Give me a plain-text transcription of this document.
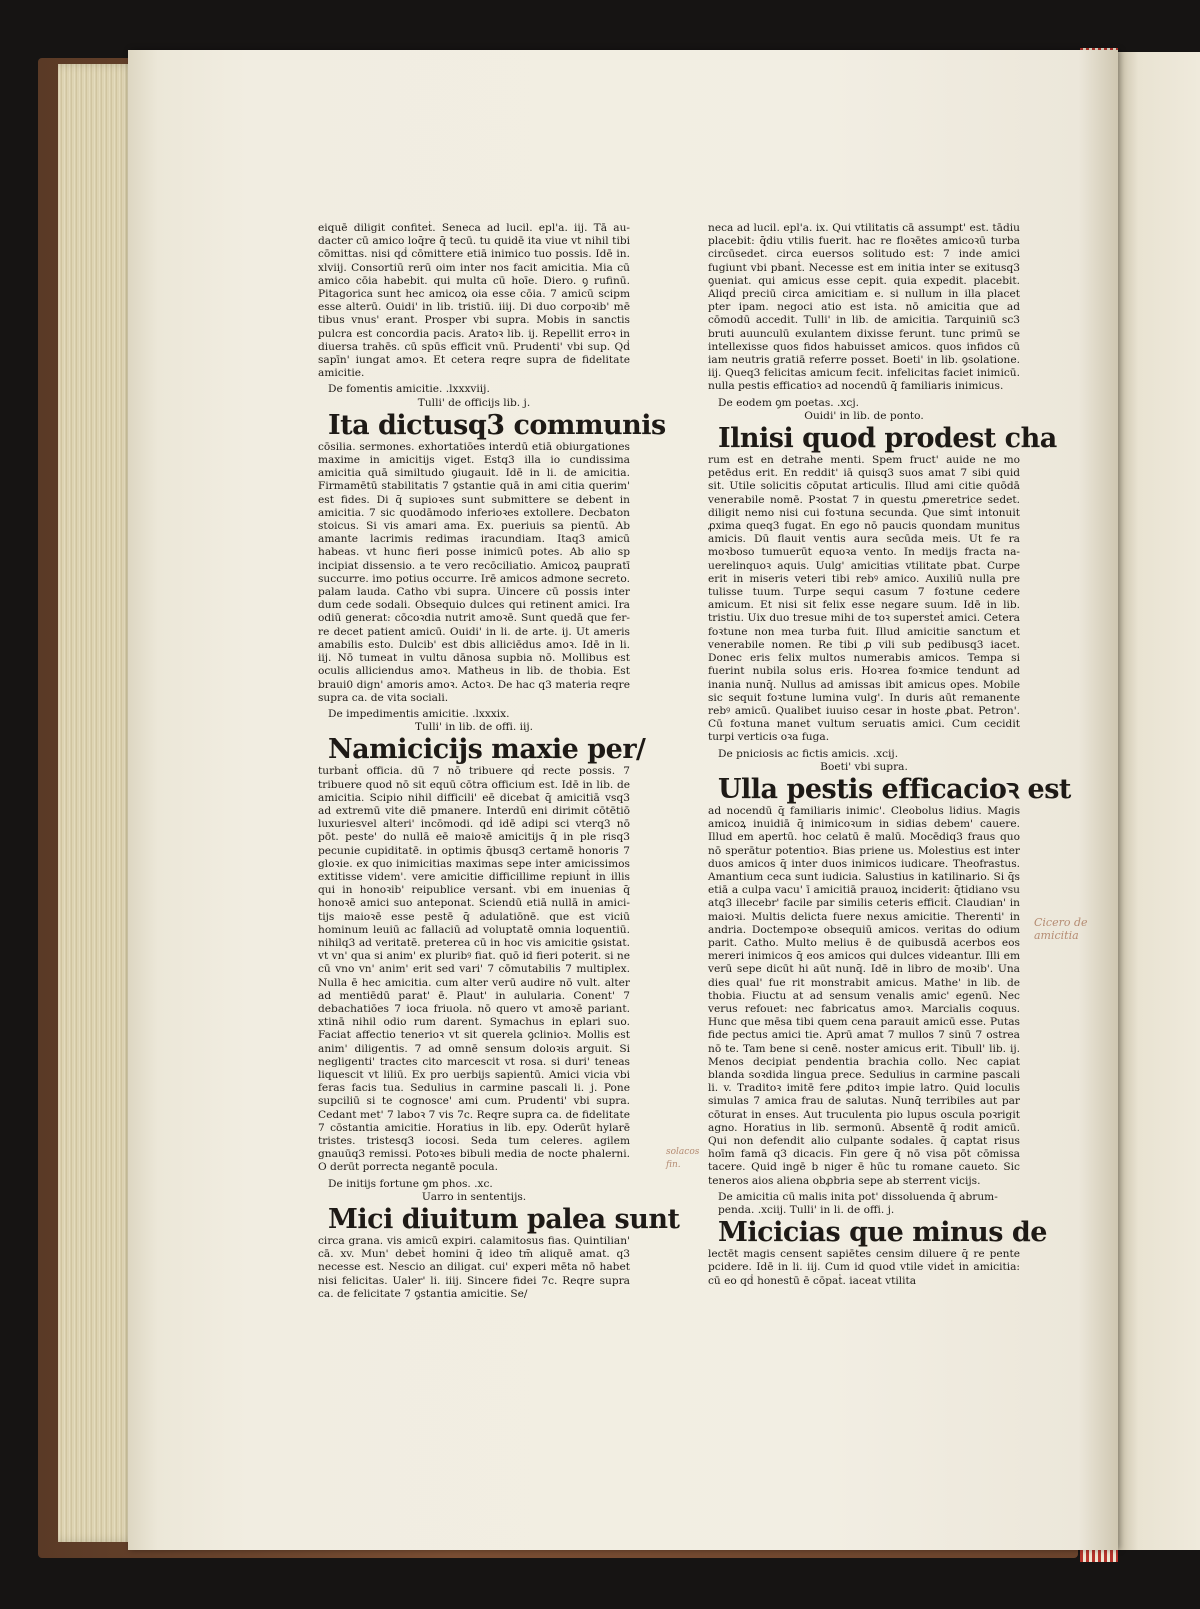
eiquē diligit confiteṫ. Seneca ad lucil. epl'a. iij. Tā audacter cū amico loq̄re q̄ tecū. tu quidē ita viue vt nihil tibi cōmittas. nisi qḋ cōmittere etiā inimico tuo possis. Idē in. xlviij. Consortiū rerū oim inter nos facit amicitia. Mia cū amico cōia habebit. qui multa cū hoīe. Diero. ꝯ rufinū. Pitagorica sunt hec amicoꝝ oia esse cōia. 7 amicū scipm esse alterū. Ouidi' in lib. tristiū. iiij. Di duo corpoꝛib' mē tibus vnus' erant. Prosper vbi supra. Mobis in sanctis pulcra est concordia pacis. Aratoꝛ lib. ij. Repellit erroꝛ in diuersa trahēs. cū spūs efficit vnū. Prudenti' vbi sup. Qḋ sapīn' iungat amoꝛ. Et cetera reqre supra de fidelitate amicitie.

De fomentis amicitie. .lxxxviij.

Tulli' de officijs lib. j.

Ita dictusq3 communis

cōsilia. sermones. exhortatiōes interdū etiā obiurgationes maxime in amicitijs viget. Estq3 illa io cundissima amicitia quā similtudo ꝯiugauit. Idē in li. de amicitia. Firmamētū stabilitatis 7 ꝯstantie quā in ami citia querim' est fides. Di q̄ supioꝛes sunt submittere se debent in amicitia. 7 sic quodāmodo inferioꝛes extollere. Decbaton stoicus. Si vis amari ama. Ex. pueriuis sa pientū. Ab amante lacrimis redimas iracundiam. Itaq3 amicū habeas. vt hunc fieri posse inimicū potes. Ab alio sp incipiat dissensio. a te vero recōciliatio. Amicoꝝ paupratī succurre. imo potius occurre. Irē amicos admone secreto. palam lauda. Catho vbi supra. Uincere cū possis inter dum cede sodali. Obsequio dulces qui retinent amici. Ira odiū generat: cōcoꝛdia nutrit amoꝛē. Sunt quedā que ferre decet patient amicū. Ouidi' in li. de arte. ij. Ut ameris amabilis esto. Dulcib' est dbis alliciēdus amoꝛ. Idē in li. iij. Nō tumeat in vultu dānosa supbia nō. Mollibus est oculis alliciendus amoꝛ. Matheus in lib. de thobia. Est braui0 dign' amoris amoꝛ. Actoꝛ. De hac q3 materia reqre supra ca. de vita sociali.

De impedimentis amicitie. .lxxxix.

Tulli' in lib. de offi. iij.

Namicicijs maxie per/

turbanṫ officia. dū 7 nō tribuere qḋ recte possis. 7 tribuere quod nō sit equū cōtra officium est. Idē in lib. de amicitia. Scipio nihil difficili' eē dicebat q̄ amicitiā vsq3 ad extremū vite diē pmanere. Interdū eni dirimit cōtētiō luxuriesvel alteri' incōmodi. qḋ idē adipi sci vterq3 nō pōt. peste' do nullā eē maioꝛē amicitijs q̄ in ple risq3 pecunie cupiditatē. in optimis q̄busq3 certamē honoris 7 gloꝛie. ex quo inimicitias maximas sepe inter amicissimos extitisse videm'. vere amicitie difficillime repiunṫ in illis qui in honoꝛib' reipublice versanṫ. vbi em inuenias q̄ honoꝛē amici suo anteponat. Sciendū etiā nullā in amicitijs maioꝛē esse pestē q̄ adulatiōnē. que est viciū hominum leuiū ac fallaciū ad voluptatē omnia loquentiū. nihilq3 ad veritatē. preterea cū in hoc vis amicitie ꝯsistat. vt vn' qua si anim' ex pluribꝰ fiat. quō id fieri poterit. si ne cū vno vn' anim' erit sed vari' 7 cōmutabilis 7 multiplex. Nulla ē hec amicitia. cum alter verū audire nō vult. alter ad mentiēdū parat' ē. Plaut' in aulularia. Conent' 7 debachatiōes 7 ioca friuola. nō quero vt amoꝛē pariant. xtinā nihil odio rum darent. Symachus in eplari suo. Faciat affectio tenerioꝛ vt sit querela ꝯclinioꝛ. Mollis est anim' diligentis. 7 ad omnē sensum doloꝛis arguit. Si negligenti' tractes cito marcescit vt rosa. si duri' teneas liquescit vt liliū. Ex pro uerbijs sapientū. Amici vicia vbi feras facis tua. Sedulius in carmine pascali li. j. Pone supciliū si te cognosce' ami cum. Prudenti' vbi supra. Cedant met' 7 laboꝛ 7 vis 7c. Reqre supra ca. de fidelitate 7 cōstantia amicitie. Horatius in lib. epy. Oderūt hylarē tristes. tristesq3 iocosi. Seda tum celeres. agilem gnauūq3 remissi. Potoꝛes bibuli media de nocte phalerni. O derūt porrecta negantē pocula.

De initijs fortune ꝯm phos. .xc.

Uarro in sententijs.

Mici diuitum palea sunt

circa grana. vis amicū expiri. calamitosus fias. Quintilian' cā. xv. Mun' debeṫ homini q̄ ideo tm̄ aliquē amat. q3 necesse est. Nescio an diligat. cui' experi mēta nō habet nisi felicitas. Ualer' li. iiij. Sincere fidei 7c. Reqre supra ca. de felicitate 7 ꝯstantia amicitie. Se/

neca ad lucil. epl'a. ix. Qui vtilitatis cā assumpt' est. tādiu placebit: q̄diu vtilis fuerit. hac re floꝛētes amicoꝛū turba circūsedet. circa euersos solitudo est: 7 inde amici fugiunt vbi pbanṫ. Necesse est em initia inter se exitusq3 ꝯueniat. qui amicus esse cepit. quia expedit. placebit. Aliqḋ preciū circa amicitiam e. si nullum in illa placet pter ipam. negoci atio est ista. nō amicitia que ad cōmodū accedit. Tulli' in lib. de amicitia. Tarquiniū sc3 bruti auunculū exulantem dixisse ferunt. tunc primū se intellexisse quos fidos habuisset amicos. quos infidos cū iam neutris gratiā referre posset. Boeti' in lib. ꝯsolatione. iij. Queq3 felicitas amicum fecit. infelicitas faciet inimicū. nulla pestis efficatioꝛ ad nocendū q̄ familiaris inimicus.

De eodem ꝯm poetas. .xcj.

Ouidi' in lib. de ponto.

Ilnisi quod prodest cha

rum est en detrahe menti. Spem fruct' auide ne mo petēdus erit. En reddit' iā quisq3 suos amat 7 sibi quid sit. Utile solicitis cōputat articulis. Illud ami citie quōdā venerabile nomē. Pꝛostat 7 in questu ꝓmeretrice sedet. diligit nemo nisi cui foꝛtuna secunda. Que simṫ intonuit ꝓxima queq3 fugat. En ego nō paucis quondam munitus amicis. Dū flauit ventis aura secūda meis. Ut fe ra moꝛboso tumuerūt equoꝛa vento. In medijs fracta nauerelinquoꝛ aquis. Uulg' amicitias vtilitate pbat. Curpe erit in miseris veteri tibi rebꝰ amico. Auxiliū nulla pre tulisse tuum. Turpe sequi casum 7 foꝛtune cedere amicum. Et nisi sit felix esse negare suum. Idē in lib. tristiu. Uix duo tresue mihi de toꝛ supersteṫ amici. Cetera foꝛtune non mea turba fuit. Illud amicitie sanctum et venerabile nomen. Re tibi ꝓ vili sub pedibusq3 iacet. Donec eris felix multos numerabis amicos. Tempa si fuerint nubila solus eris. Hoꝛrea foꝛmice tendunt ad inania nunq̄. Nullus ad amissas ibit amicus opes. Mobile sic sequit foꝛtune lumina vulg'. In duris aūt remanente rebꝰ amicū. Qualibet iuuiso cesar in hoste ꝓbat. Petron'. Cū foꝛtuna manet vultum seruatis amici. Cum cecidit turpi verticis oꝛa fuga.

De pniciosis ac fictis amicis. .xcij.

Boeti' vbi supra.

Ulla pestis efficacioꝛ est

ad nocendū q̄ familiaris inimic'. Cleobolus lidius. Magis amicoꝝ inuidiā q̄ inimicoꝛum in sidias debem' cauere. Illud em apertū. hoc celatū ē malū. Mocēdiq3 fraus quo nō sperātur potentioꝛ. Bias priene us. Molestius est inter duos amicos q̄ inter duos inimicos iudicare. Theofrastus. Amantium ceca sunt iudicia. Salustius in katilinario. Si q̄s etiā a culpa vacu' ī amicitiā prauoꝝ inciderit: q̄tidiano vsu atq3 illecebr' facile par similis ceteris efficiṫ. Claudian' in maioꝛi. Multis delicta fuere nexus amicitie. Therenti' in andria. Doctempoꝛe obsequiū amicos. veritas do odium parit. Catho. Multo melius ē de quibusdā acerbos eos mereri inimicos q̄ eos amicos qui dulces videantur. Illi em verū sepe dicūt hi aūt nunq̄. Idē in libro de moꝛib'. Una dies qual' fue rit monstrabit amicus. Mathe' in lib. de thobia. Fiuctu at ad sensum venalis amic' egenū. Nec verus refouet: nec fabricatus amoꝛ. Marcialis coquus. Hunc que mēsa tibi quem cena parauit amicū esse. Putas fide pectus amici tie. Aprū amat 7 mullos 7 sinū 7 ostrea nō te. Tam bene si cenē. noster amicus erit. Tibull' lib. ij. Menos decipiat pendentia brachia collo. Nec capiat blanda soꝛdida lingua prece. Sedulius in carmine pascali li. v. Traditoꝛ imitē fere ꝓditoꝛ impie latro. Quid loculis simulas 7 amica frau de salutas. Nunq̄ terribiles aut par cōturat in enses. Aut truculenta pio lupus oscula poꝛrigit agno. Horatius in lib. sermonū. Absentē q̄ rodit amicū. Qui non defendit alio culpante sodales. q̄ captat risus hoīm famā q3 dicacis. Fin gere q̄ nō visa pōt cōmissa tacere. Quid ingē b niger ē hūc tu romane caueto. Sic teneros aios aliena obꝓbria sepe ab sterrent vicijs.

De amicitia cū malis inita pot' dissoluenda q̄ abrumpenda. .xciij. Tulli' in li. de offi. j.

Micicias que minus de

lectēt magis censent sapiētes censim diluere q̄ re pente pcidere. Idē in li. iij. Cum id quod vtile videṫ in amicitia: cū eo qḋ honestū ē cōpaṫ. iaceat vtilita

Cicero de amicitia
solacos fin.
